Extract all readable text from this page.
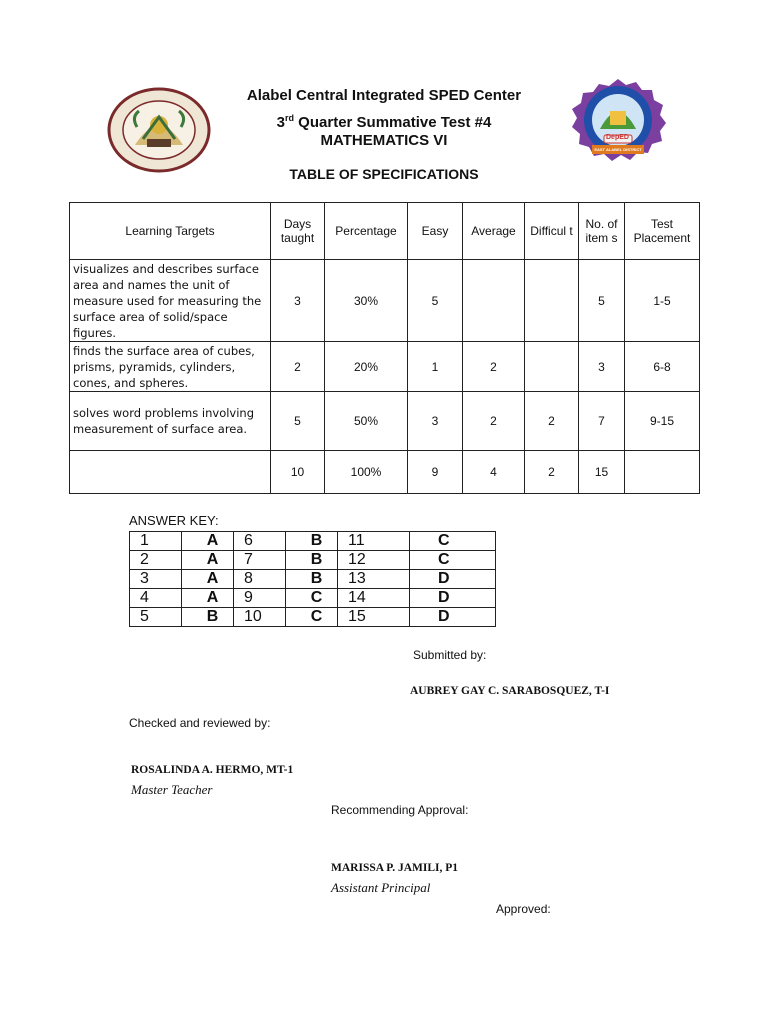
DepED
EAST ALABEL DISTRICT
Alabel Central Integrated SPED Center
3rd Quarter Summative Test #4
MATHEMATICS VI
TABLE OF SPECIFICATIONS
Learning Targets	Days taught	Percentage	Easy	Average	Difficul t	No. of item s	Test Placement
visualizes and describes surface area and names the unit of measure used for measuring the surface area of solid/space figures.	3	30%	5			5	1-5
finds the surface area of cubes, prisms, pyramids, cylinders, cones, and spheres.	2	20%	1	2		3	6-8
solves word problems involving measurement of surface area.	5	50%	3	2	2	7	9-15
	10	100%	9	4	2	15	
ANSWER KEY:
1	A	6	B	11	C
2	A	7	B	12	C
3	A	8	B	13	D
4	A	9	C	14	D
5	B	10	C	15	D
Submitted by:
AUBREY GAY C. SARABOSQUEZ, T-I
Checked and reviewed by:
ROSALINDA A. HERMO, MT-1
Master Teacher
Recommending Approval:
MARISSA P. JAMILI, P1
Assistant Principal
Approved:
